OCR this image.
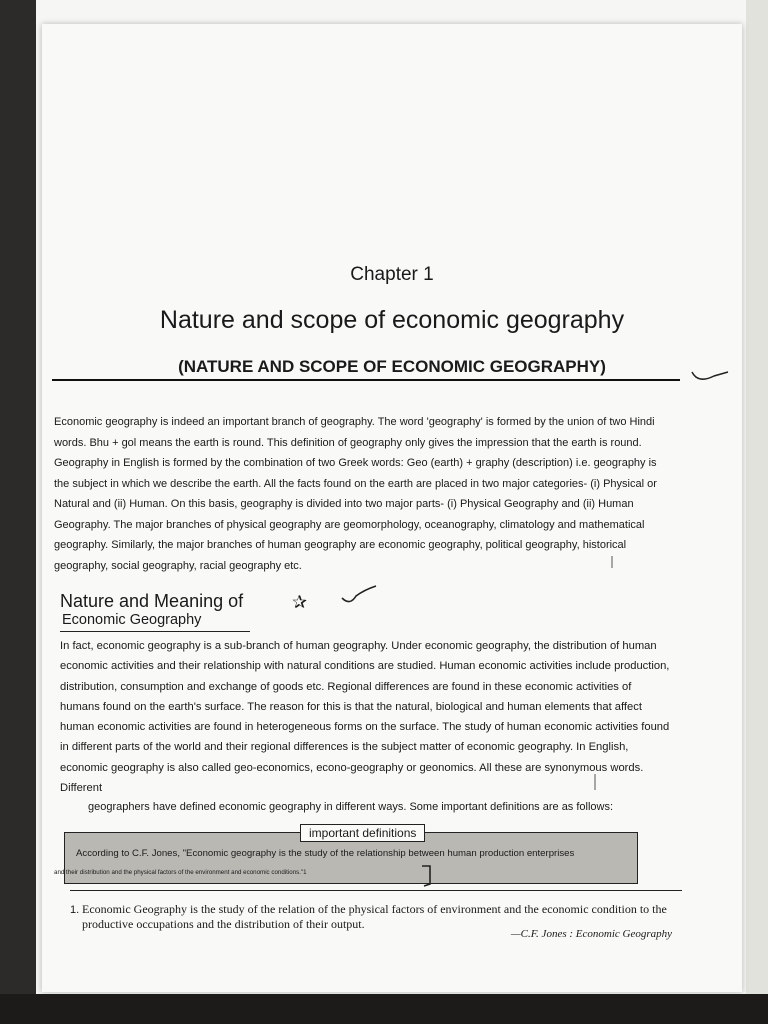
Chapter 1
Nature and scope of economic geography
(NATURE AND SCOPE OF ECONOMIC GEOGRAPHY)
Economic geography is indeed an important branch of geography. The word 'geography' is formed by the union of two Hindi words. Bhu + gol means the earth is round. This definition of geography only gives the impression that the earth is round. Geography in English is formed by the combination of two Greek words: Geo (earth) + graphy (description) i.e. geography is the subject in which we describe the earth. All the facts found on the earth are placed in two major categories- (i) Physical or Natural and (ii) Human. On this basis, geography is divided into two major parts- (i) Physical Geography and (ii) Human Geography. The major branches of physical geography are geomorphology, oceanography, climatology and mathematical geography. Similarly, the major branches of human geography are economic geography, political geography, historical geography, social geography, racial geography etc.
Nature and Meaning of	✰
Economic Geography
In fact, economic geography is a sub-branch of human geography. Under economic geography, the distribution of human economic activities and their relationship with natural conditions are studied. Human economic activities include production, distribution, consumption and exchange of goods etc. Regional differences are found in these economic activities of humans found on the earth's surface. The reason for this is that the natural, biological and human elements that affect human economic activities are found in heterogeneous forms on the surface. The study of human economic activities found in different parts of the world and their regional differences is the subject matter of economic geography. In English, economic geography is also called geo-economics, econo-geography or geonomics. All these are synonymous words. Different
geographers have defined economic geography in different ways. Some important definitions are as follows:
important definitions
According to C.F. Jones, "Economic geography is the study of the relationship between human production enterprises
and their distribution and the physical factors of the environment and economic conditions."1
1. Economic Geography is the study of the relation of the physical factors of environment and the economic condition to the productive occupations and the distribution of their output.
—C.F. Jones : Economic Geography
